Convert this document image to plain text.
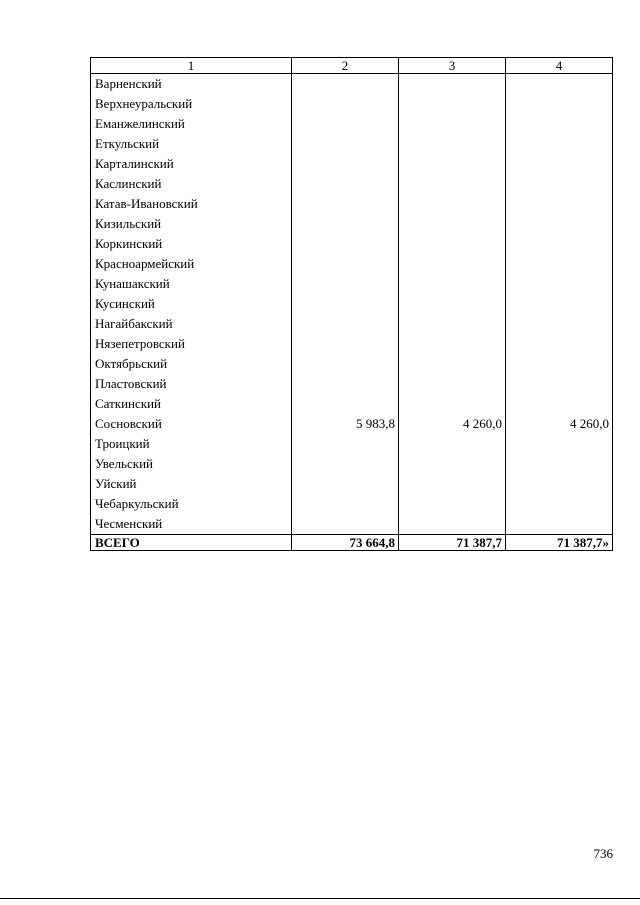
1	2	3	4
Варненский			
Верхнеуральский			
Еманжелинский			
Еткульский			
Карталинский			
Каслинский			
Катав-Ивановский			
Кизильский			
Коркинский			
Красноармейский			
Кунашакский			
Кусинский			
Нагайбакский			
Нязепетровский			
Октябрьский			
Пластовский			
Саткинский			
Сосновский	5 983,8	4 260,0	4 260,0
Троицкий			
Увельский			
Уйский			
Чебаркульский			
Чесменский			
ВСЕГО	73 664,8	71 387,7	71 387,7»
736
